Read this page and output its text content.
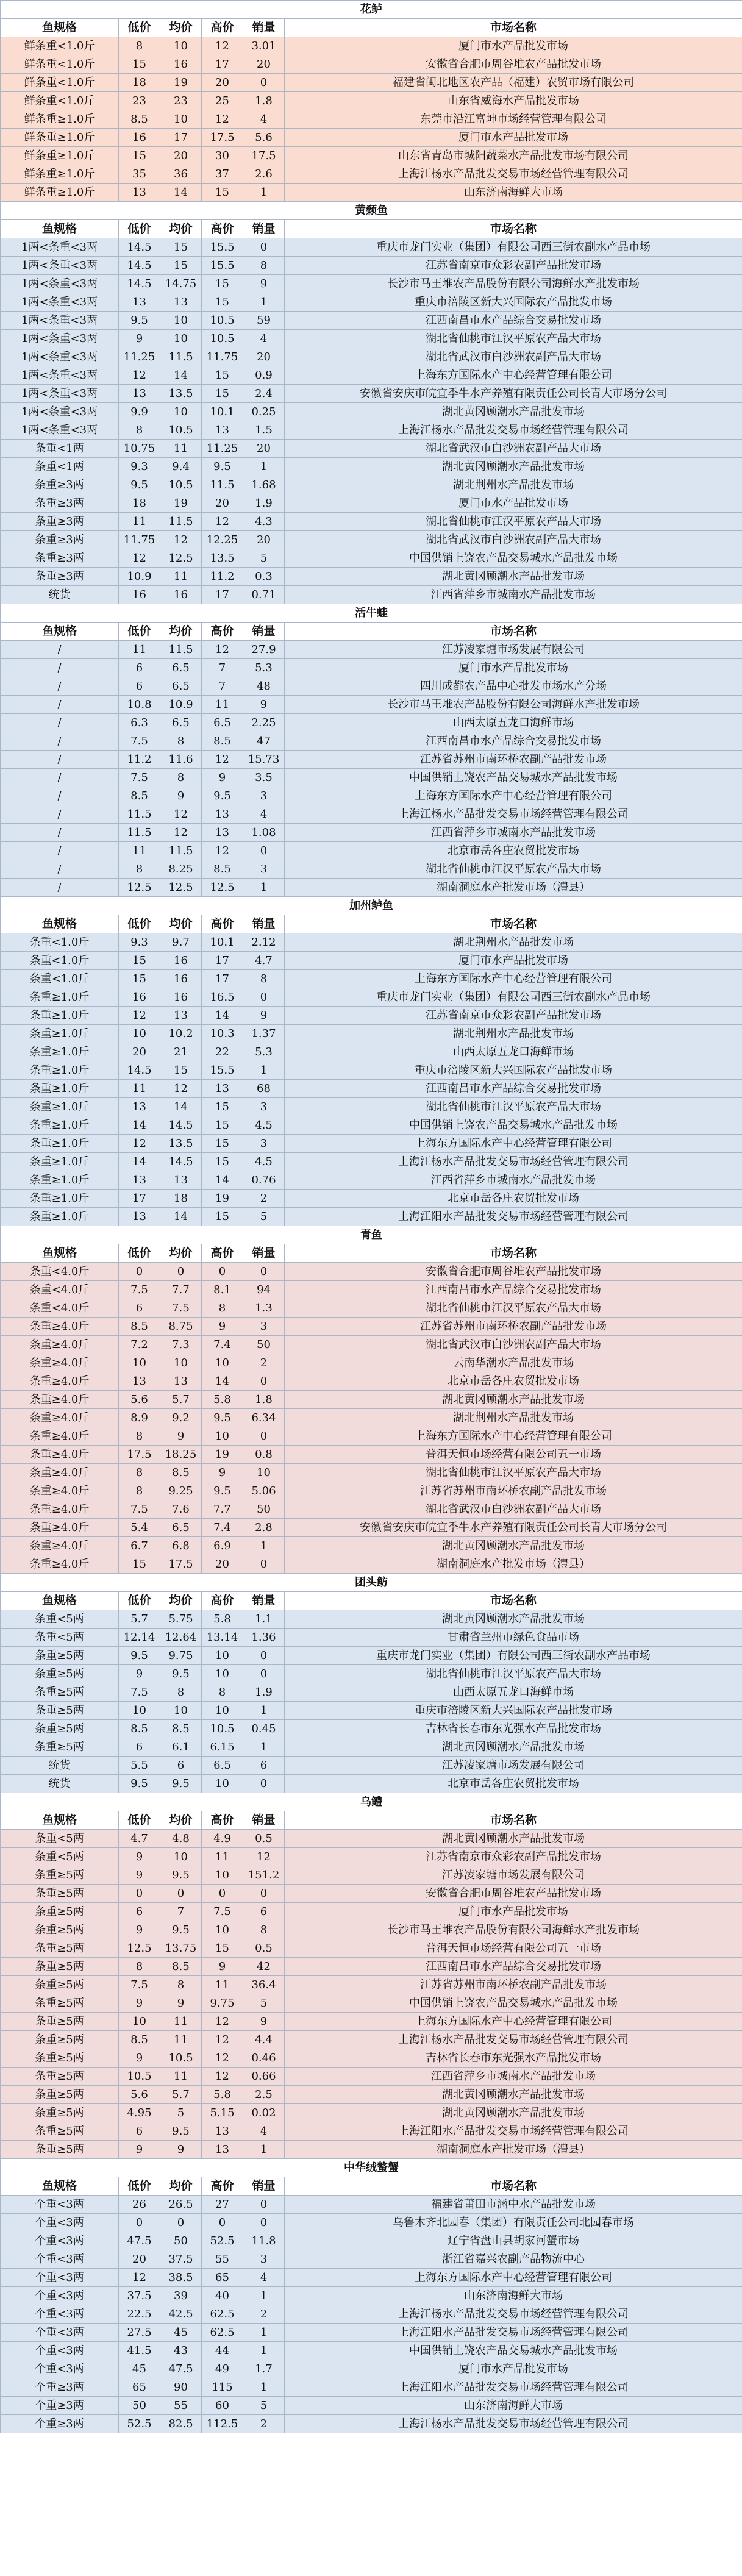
花鲈					
鱼规格	低价	均价	高价	销量	市场名称
鲜条重<1.0斤	8	10	12	3.01	厦门市水产品批发市场
鲜条重<1.0斤	15	16	17	20	安徽省合肥市周谷堆农产品批发市场
鲜条重<1.0斤	18	19	20	0	福建省闽北地区农产品（福建）农贸市场有限公司
鲜条重<1.0斤	23	23	25	1.8	山东省威海水产品批发市场
鲜条重≥1.0斤	8.5	10	12	4	东莞市沿江富坤市场经营管理有限公司
鲜条重≥1.0斤	16	17	17.5	5.6	厦门市水产品批发市场
鲜条重≥1.0斤	15	20	30	17.5	山东省青岛市城阳蔬菜水产品批发市场有限公司
鲜条重≥1.0斤	35	36	37	2.6	上海江杨水产品批发交易市场经营管理有限公司
鲜条重≥1.0斤	13	14	15	1	山东济南海鲜大市场
黄颡鱼					
鱼规格	低价	均价	高价	销量	市场名称
1两<条重<3两	14.5	15	15.5	0	重庆市龙门实业（集团）有限公司西三街农副水产品市场
1两<条重<3两	14.5	15	15.5	8	江苏省南京市众彩农副产品批发市场
1两<条重<3两	14.5	14.75	15	9	长沙市马王堆农产品股份有限公司海鲜水产批发市场
1两<条重<3两	13	13	15	1	重庆市涪陵区新大兴国际农产品批发市场
1两<条重<3两	9.5	10	10.5	59	江西南昌市水产品综合交易批发市场
1两<条重<3两	9	10	10.5	4	湖北省仙桃市江汉平原农产品大市场
1两<条重<3两	11.25	11.5	11.75	20	湖北省武汉市白沙洲农副产品大市场
1两<条重<3两	12	14	15	0.9	上海东方国际水产中心经营管理有限公司
1两<条重<3两	13	13.5	15	2.4	安徽省安庆市皖宜季牛水产养殖有限责任公司长青大市场分公司
1两<条重<3两	9.9	10	10.1	0.25	湖北黄冈顾潮水产品批发市场
1两<条重<3两	8	10.5	13	1.5	上海江杨水产品批发交易市场经营管理有限公司
条重<1两	10.75	11	11.25	20	湖北省武汉市白沙洲农副产品大市场
条重<1两	9.3	9.4	9.5	1	湖北黄冈顾潮水产品批发市场
条重≥3两	9.5	10.5	11.5	1.68	湖北荆州水产品批发市场
条重≥3两	18	19	20	1.9	厦门市水产品批发市场
条重≥3两	11	11.5	12	4.3	湖北省仙桃市江汉平原农产品大市场
条重≥3两	11.75	12	12.25	20	湖北省武汉市白沙洲农副产品大市场
条重≥3两	12	12.5	13.5	5	中国供销上饶农产品交易城水产品批发市场
条重≥3两	10.9	11	11.2	0.3	湖北黄冈顾潮水产品批发市场
统货	16	16	17	0.71	江西省萍乡市城南水产品批发市场
活牛蛙					
鱼规格	低价	均价	高价	销量	市场名称
/	11	11.5	12	27.9	江苏凌家塘市场发展有限公司
/	6	6.5	7	5.3	厦门市水产品批发市场
/	6	6.5	7	48	四川成都农产品中心批发市场水产分场
/	10.8	10.9	11	9	长沙市马王堆农产品股份有限公司海鲜水产批发市场
/	6.3	6.5	6.5	2.25	山西太原五龙口海鲜市场
/	7.5	8	8.5	47	江西南昌市水产品综合交易批发市场
/	11.2	11.6	12	15.73	江苏省苏州市南环桥农副产品批发市场
/	7.5	8	9	3.5	中国供销上饶农产品交易城水产品批发市场
/	8.5	9	9.5	3	上海东方国际水产中心经营管理有限公司
/	11.5	12	13	4	上海江杨水产品批发交易市场经营管理有限公司
/	11.5	12	13	1.08	江西省萍乡市城南水产品批发市场
/	11	11.5	12	0	北京市岳各庄农贸批发市场
/	8	8.25	8.5	3	湖北省仙桃市江汉平原农产品大市场
/	12.5	12.5	12.5	1	湖南洞庭水产批发市场（澧县）
加州鲈鱼					
鱼规格	低价	均价	高价	销量	市场名称
条重<1.0斤	9.3	9.7	10.1	2.12	湖北荆州水产品批发市场
条重<1.0斤	15	16	17	4.7	厦门市水产品批发市场
条重<1.0斤	15	16	17	8	上海东方国际水产中心经营管理有限公司
条重≥1.0斤	16	16	16.5	0	重庆市龙门实业（集团）有限公司西三街农副水产品市场
条重≥1.0斤	12	13	14	9	江苏省南京市众彩农副产品批发市场
条重≥1.0斤	10	10.2	10.3	1.37	湖北荆州水产品批发市场
条重≥1.0斤	20	21	22	5.3	山西太原五龙口海鲜市场
条重≥1.0斤	14.5	15	15.5	1	重庆市涪陵区新大兴国际农产品批发市场
条重≥1.0斤	11	12	13	68	江西南昌市水产品综合交易批发市场
条重≥1.0斤	13	14	15	3	湖北省仙桃市江汉平原农产品大市场
条重≥1.0斤	14	14.5	15	4.5	中国供销上饶农产品交易城水产品批发市场
条重≥1.0斤	12	13.5	15	3	上海东方国际水产中心经营管理有限公司
条重≥1.0斤	14	14.5	15	4.5	上海江杨水产品批发交易市场经营管理有限公司
条重≥1.0斤	13	13	14	0.76	江西省萍乡市城南水产品批发市场
条重≥1.0斤	17	18	19	2	北京市岳各庄农贸批发市场
条重≥1.0斤	13	14	15	5	上海江阳水产品批发交易市场经营管理有限公司
青鱼					
鱼规格	低价	均价	高价	销量	市场名称
条重<4.0斤	0	0	0	0	安徽省合肥市周谷堆农产品批发市场
条重<4.0斤	7.5	7.7	8.1	94	江西南昌市水产品综合交易批发市场
条重<4.0斤	6	7.5	8	1.3	湖北省仙桃市江汉平原农产品大市场
条重≥4.0斤	8.5	8.75	9	3	江苏省苏州市南环桥农副产品批发市场
条重≥4.0斤	7.2	7.3	7.4	50	湖北省武汉市白沙洲农副产品大市场
条重≥4.0斤	10	10	10	2	云南华潮水产品批发市场
条重≥4.0斤	13	13	14	0	北京市岳各庄农贸批发市场
条重≥4.0斤	5.6	5.7	5.8	1.8	湖北黄冈顾潮水产品批发市场
条重≥4.0斤	8.9	9.2	9.5	6.34	湖北荆州水产品批发市场
条重≥4.0斤	8	9	10	0	上海东方国际水产中心经营管理有限公司
条重≥4.0斤	17.5	18.25	19	0.8	普洱天恒市场经营有限公司五一市场
条重≥4.0斤	8	8.5	9	10	湖北省仙桃市江汉平原农产品大市场
条重≥4.0斤	8	9.25	9.5	5.06	江苏省苏州市南环桥农副产品批发市场
条重≥4.0斤	7.5	7.6	7.7	50	湖北省武汉市白沙洲农副产品大市场
条重≥4.0斤	5.4	6.5	7.4	2.8	安徽省安庆市皖宜季牛水产养殖有限责任公司长青大市场分公司
条重≥4.0斤	6.7	6.8	6.9	1	湖北黄冈顾潮水产品批发市场
条重≥4.0斤	15	17.5	20	0	湖南洞庭水产批发市场（澧县）
团头鲂					
鱼规格	低价	均价	高价	销量	市场名称
条重<5两	5.7	5.75	5.8	1.1	湖北黄冈顾潮水产品批发市场
条重<5两	12.14	12.64	13.14	1.36	甘肃省兰州市绿色食品市场
条重≥5两	9.5	9.75	10	0	重庆市龙门实业（集团）有限公司西三街农副水产品市场
条重≥5两	9	9.5	10	0	湖北省仙桃市江汉平原农产品大市场
条重≥5两	7.5	8	8	1.9	山西太原五龙口海鲜市场
条重≥5两	10	10	10	1	重庆市涪陵区新大兴国际农产品批发市场
条重≥5两	8.5	8.5	10.5	0.45	吉林省长春市东光强水产品批发市场
条重≥5两	6	6.1	6.15	1	湖北黄冈顾潮水产品批发市场
统货	5.5	6	6.5	6	江苏凌家塘市场发展有限公司
统货	9.5	9.5	10	0	北京市岳各庄农贸批发市场
乌鳢					
鱼规格	低价	均价	高价	销量	市场名称
条重<5两	4.7	4.8	4.9	0.5	湖北黄冈顾潮水产品批发市场
条重<5两	9	10	11	12	江苏省南京市众彩农副产品批发市场
条重≥5两	9	9.5	10	151.2	江苏凌家塘市场发展有限公司
条重≥5两	0	0	0	0	安徽省合肥市周谷堆农产品批发市场
条重≥5两	6	7	7.5	6	厦门市水产品批发市场
条重≥5两	9	9.5	10	8	长沙市马王堆农产品股份有限公司海鲜水产批发市场
条重≥5两	12.5	13.75	15	0.5	普洱天恒市场经营有限公司五一市场
条重≥5两	8	8.5	9	42	江西南昌市水产品综合交易批发市场
条重≥5两	7.5	8	11	36.4	江苏省苏州市南环桥农副产品批发市场
条重≥5两	9	9	9.75	5	中国供销上饶农产品交易城水产品批发市场
条重≥5两	10	11	12	9	上海东方国际水产中心经营管理有限公司
条重≥5两	8.5	11	12	4.4	上海江杨水产品批发交易市场经营管理有限公司
条重≥5两	9	10.5	12	0.46	吉林省长春市东光强水产品批发市场
条重≥5两	10.5	11	12	0.66	江西省萍乡市城南水产品批发市场
条重≥5两	5.6	5.7	5.8	2.5	湖北黄冈顾潮水产品批发市场
条重≥5两	4.95	5	5.15	0.02	湖北黄冈顾潮水产品批发市场
条重≥5两	6	9.5	13	4	上海江阳水产品批发交易市场经营管理有限公司
条重≥5两	9	9	13	1	湖南洞庭水产批发市场（澧县）
中华绒螯蟹					
鱼规格	低价	均价	高价	销量	市场名称
个重<3两	26	26.5	27	0	福建省莆田市涵中水产品批发市场
个重<3两	0	0	0	0	乌鲁木齐北园春（集团）有限责任公司北园春市场
个重<3两	47.5	50	52.5	11.8	辽宁省盘山县胡家河蟹市场
个重<3两	20	37.5	55	3	浙江省嘉兴农副产品物流中心
个重<3两	12	38.5	65	4	上海东方国际水产中心经营管理有限公司
个重<3两	37.5	39	40	1	山东济南海鲜大市场
个重<3两	22.5	42.5	62.5	2	上海江杨水产品批发交易市场经营管理有限公司
个重<3两	27.5	45	62.5	1	上海江阳水产品批发交易市场经营管理有限公司
个重<3两	41.5	43	44	1	中国供销上饶农产品交易城水产品批发市场
个重<3两	45	47.5	49	1.7	厦门市水产品批发市场
个重≥3两	65	90	115	1	上海江阳水产品批发交易市场经营管理有限公司
个重≥3两	50	55	60	5	山东济南海鲜大市场
个重≥3两	52.5	82.5	112.5	2	上海江杨水产品批发交易市场经营管理有限公司
